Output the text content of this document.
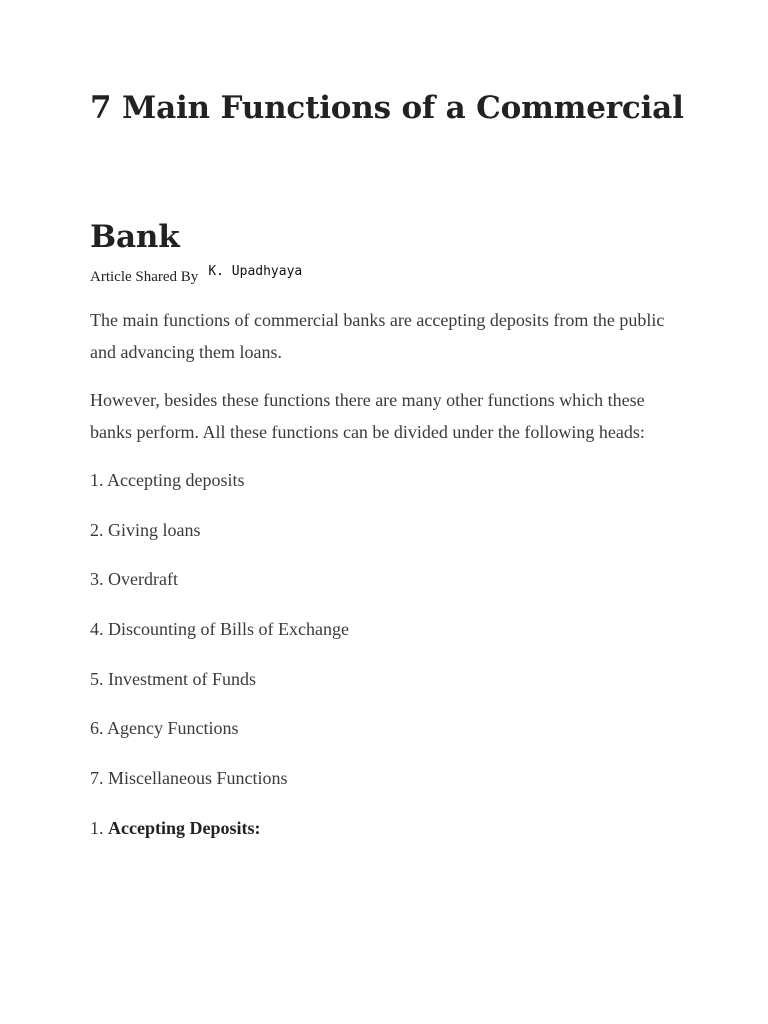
7 Main Functions of a Commercial
Bank
Article Shared By K. Upadhyaya

The main functions of commercial banks are accepting deposits from the public and advancing them loans.

However, besides these functions there are many other functions which these banks perform. All these functions can be divided under the following heads:

1. Accepting deposits

2. Giving loans

3. Overdraft

4. Discounting of Bills of Exchange

5. Investment of Funds

6. Agency Functions

7. Miscellaneous Functions

1. Accepting Deposits:
